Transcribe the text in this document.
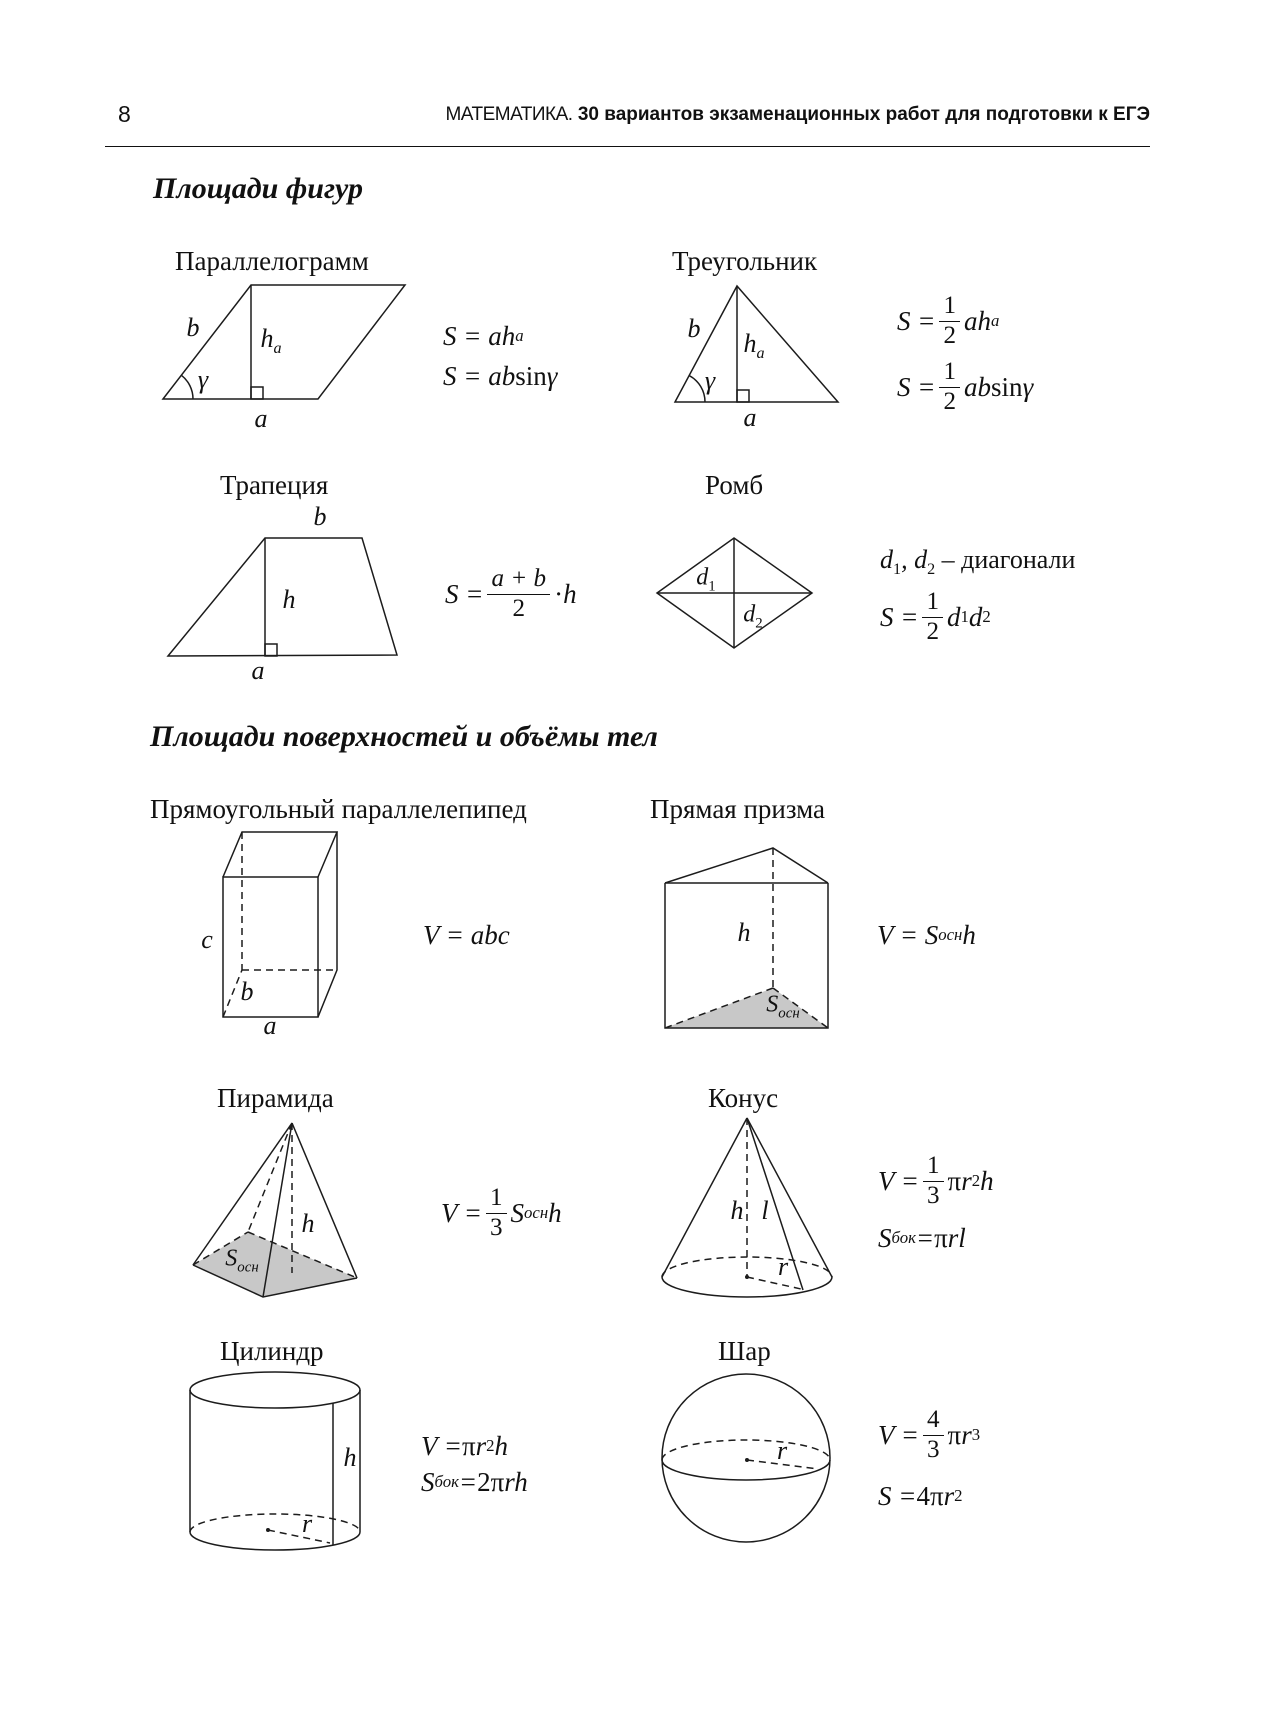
8	МАТЕМАТИКА. 30 вариантов экзаменационных работ для подготовки к ЕГЭ
Площади фигур
Параллелограмм
b $h_a$
γ
a
S = ah a
S = ab sin γ
Треугольник
b
$h_a$
γ
a
$S = \frac{1}{2}$ ah a
$S = \frac{1}{2}$ ab sin γ
Трапеция
b
h
a
$S = \frac{a + b}{2} \cdot h$
Ромб
$d_1$
$d_2$
$d_1$, $d_2$ – диагонали
$S = \frac{1}{2}$ d 1 d 2
Площади поверхностей и объёмы тел
Прямоугольный параллелепипед
c
b
a
V = abc
Прямая призма
h
$S_{осн}$
V = S осн h
Пирамида
h
$S_{осн}$
$V = \frac{1}{3}$ S осн h
Конус
h l
r
$V = \frac{1}{3}$ π r 2 h
S бок = π rl
Цилиндр
h
r
V = π r 2 h
S бок = 2π rh
Шар
r
$V = \frac{4}{3}$ π r 3
S = 4π r 2
